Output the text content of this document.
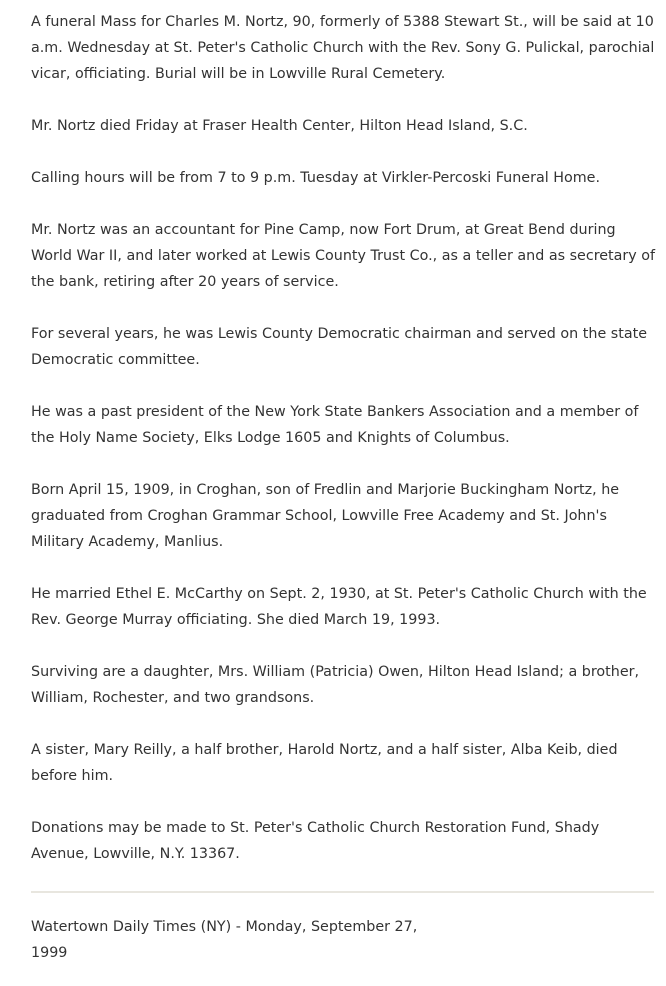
A funeral Mass for Charles M. Nortz, 90, formerly of 5388 Stewart St., will be said at 10 a.m. Wednesday at St. Peter's Catholic Church with the Rev. Sony G. Pulickal, parochial vicar, officiating. Burial will be in Lowville Rural Cemetery.

Mr. Nortz died Friday at Fraser Health Center, Hilton Head Island, S.C.

Calling hours will be from 7 to 9 p.m. Tuesday at Virkler-Percoski Funeral Home.

Mr. Nortz was an accountant for Pine Camp, now Fort Drum, at Great Bend during World War II, and later worked at Lewis County Trust Co., as a teller and as secretary of the bank, retiring after 20 years of service.

For several years, he was Lewis County Democratic chairman and served on the state Democratic committee.

He was a past president of the New York State Bankers Association and a member of the Holy Name Society, Elks Lodge 1605 and Knights of Columbus.

Born April 15, 1909, in Croghan, son of Fredlin and Marjorie Buckingham Nortz, he graduated from Croghan Grammar School, Lowville Free Academy and St. John's Military Academy, Manlius.

He married Ethel E. McCarthy on Sept. 2, 1930, at St. Peter's Catholic Church with the Rev. George Murray officiating. She died March 19, 1993.

Surviving are a daughter, Mrs. William (Patricia) Owen, Hilton Head Island; a brother, William, Rochester, and two grandsons.

A sister, Mary Reilly, a half brother, Harold Nortz, and a half sister, Alba Keib, died before him.

Donations may be made to St. Peter's Catholic Church Restoration Fund, Shady Avenue, Lowville, N.Y. 13367.

Watertown Daily Times (NY) - Monday, September 27, 1999
